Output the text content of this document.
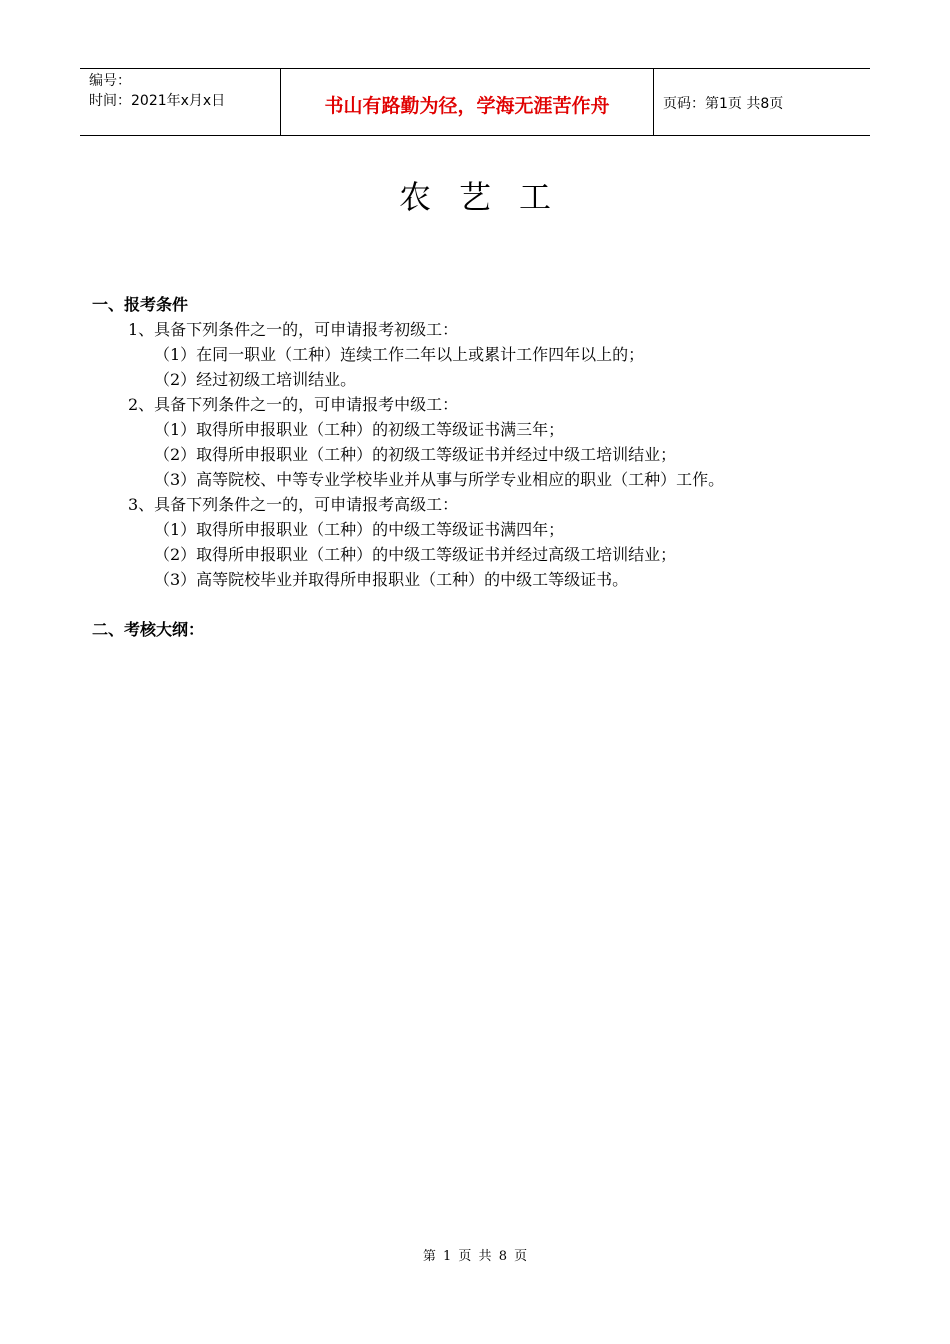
编号：
时间：2021年x月x日	书山有路勤为径，学海无涯苦作舟	页码：第1页 共8页
农艺工
一、报考条件
1、具备下列条件之一的，可申请报考初级工：
（1）在同一职业（工种）连续工作二年以上或累计工作四年以上的；
（2）经过初级工培训结业。
2、具备下列条件之一的，可申请报考中级工：
（1）取得所申报职业（工种）的初级工等级证书满三年；
（2）取得所申报职业（工种）的初级工等级证书并经过中级工培训结业；
（3）高等院校、中等专业学校毕业并从事与所学专业相应的职业（工种）工作。
3、具备下列条件之一的，可申请报考高级工：
（1）取得所申报职业（工种）的中级工等级证书满四年；
（2）取得所申报职业（工种）的中级工等级证书并经过高级工培训结业；
（3）高等院校毕业并取得所申报职业（工种）的中级工等级证书。
二、考核大纲：
第 1 页 共 8 页
